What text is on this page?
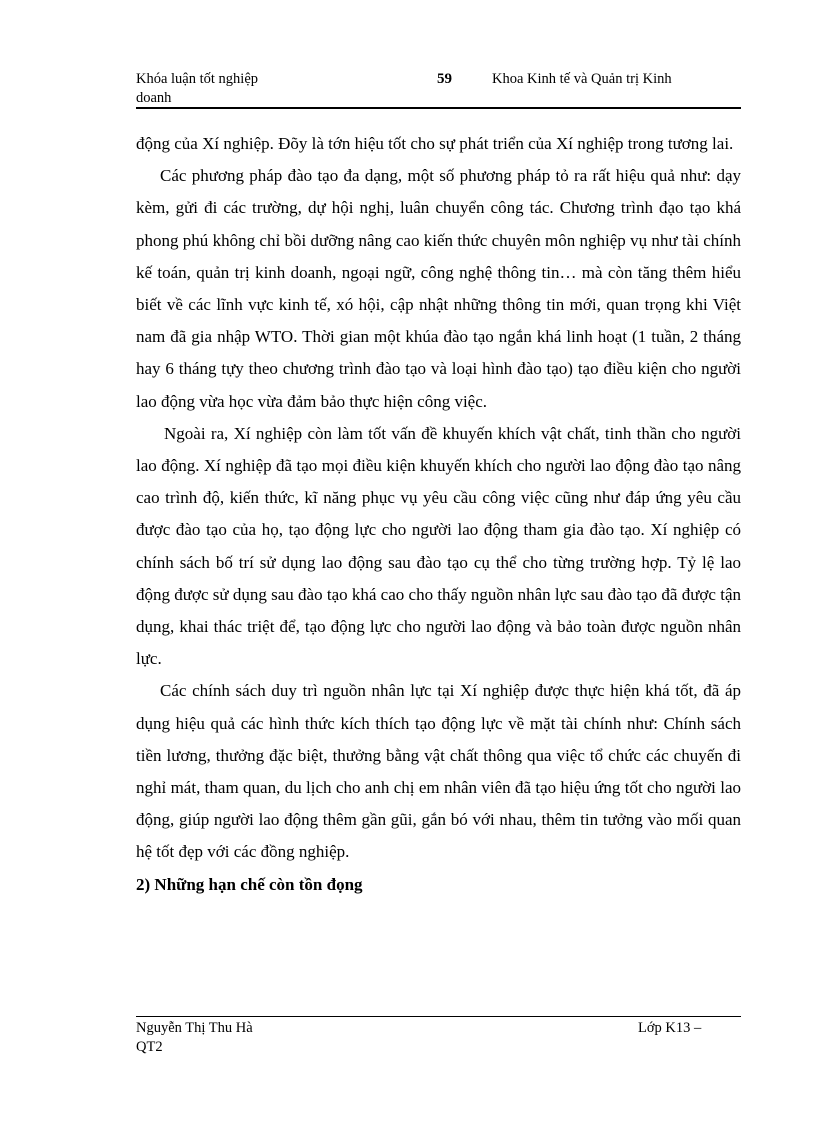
Khóa luận tốt nghiệp
doanh
59	Khoa Kinh tế và Quản trị Kinh

động của Xí nghiệp. Đõy là tớn hiệu tốt cho sự phát triển của Xí nghiệp trong tương lai.

Các phương pháp đào tạo đa dạng, một số phương pháp tỏ ra rất hiệu quả như: dạy kèm, gửi đi các trường, dự hội nghị, luân chuyển công tác. Chương trình đạo tạo khá phong phú không chỉ bồi dưỡng nâng cao kiến thức chuyên môn nghiệp vụ như tài chính kế toán, quản trị kinh doanh, ngoại ngữ, công nghệ thông tin… mà còn tăng thêm hiểu biết về các lĩnh vực kinh tế, xó hội, cập nhật những thông tin mới, quan trọng khi Việt nam đã gia nhập WTO. Thời gian một khúa đào tạo ngắn khá linh hoạt (1 tuần, 2 tháng hay 6 tháng tựy theo chương trình đào tạo và loại hình đào tạo) tạo điều kiện cho người lao động vừa học vừa đảm bảo thực hiện công việc.

Ngoài ra, Xí nghiệp còn làm tốt vấn đề khuyến khích vật chất, tinh thần cho người lao động. Xí nghiệp đã tạo mọi điều kiện khuyến khích cho người lao động đào tạo nâng cao trình độ, kiến thức, kĩ năng phục vụ yêu cầu công việc cũng như đáp ứng yêu cầu được đào tạo của họ, tạo động lực cho người lao động tham gia đào tạo. Xí nghiệp có chính sách bố trí sử dụng lao động sau đào tạo cụ thể cho từng trường hợp. Tỷ lệ lao động được sử dụng sau đào tạo khá cao cho thấy nguồn nhân lực sau đào tạo đã được tận dụng, khai thác triệt để, tạo động lực cho người lao động và bảo toàn được nguồn nhân lực.

Các chính sách duy trì nguồn nhân lực tại Xí nghiệp được thực hiện khá tốt, đã áp dụng hiệu quả các hình thức kích thích tạo động lực về mặt tài chính như: Chính sách tiền lương, thưởng đặc biệt, thưởng bằng vật chất thông qua việc tổ chức các chuyến đi nghỉ mát, tham quan, du lịch cho anh chị em nhân viên đã tạo hiệu ứng tốt cho người lao động, giúp người lao động thêm gần gũi, gắn bó với nhau, thêm tin tưởng vào mối quan hệ tốt đẹp với các đồng nghiệp.

2) Những hạn chế còn tồn đọng

Nguyễn Thị Thu Hà	Lớp K13 –
QT2
